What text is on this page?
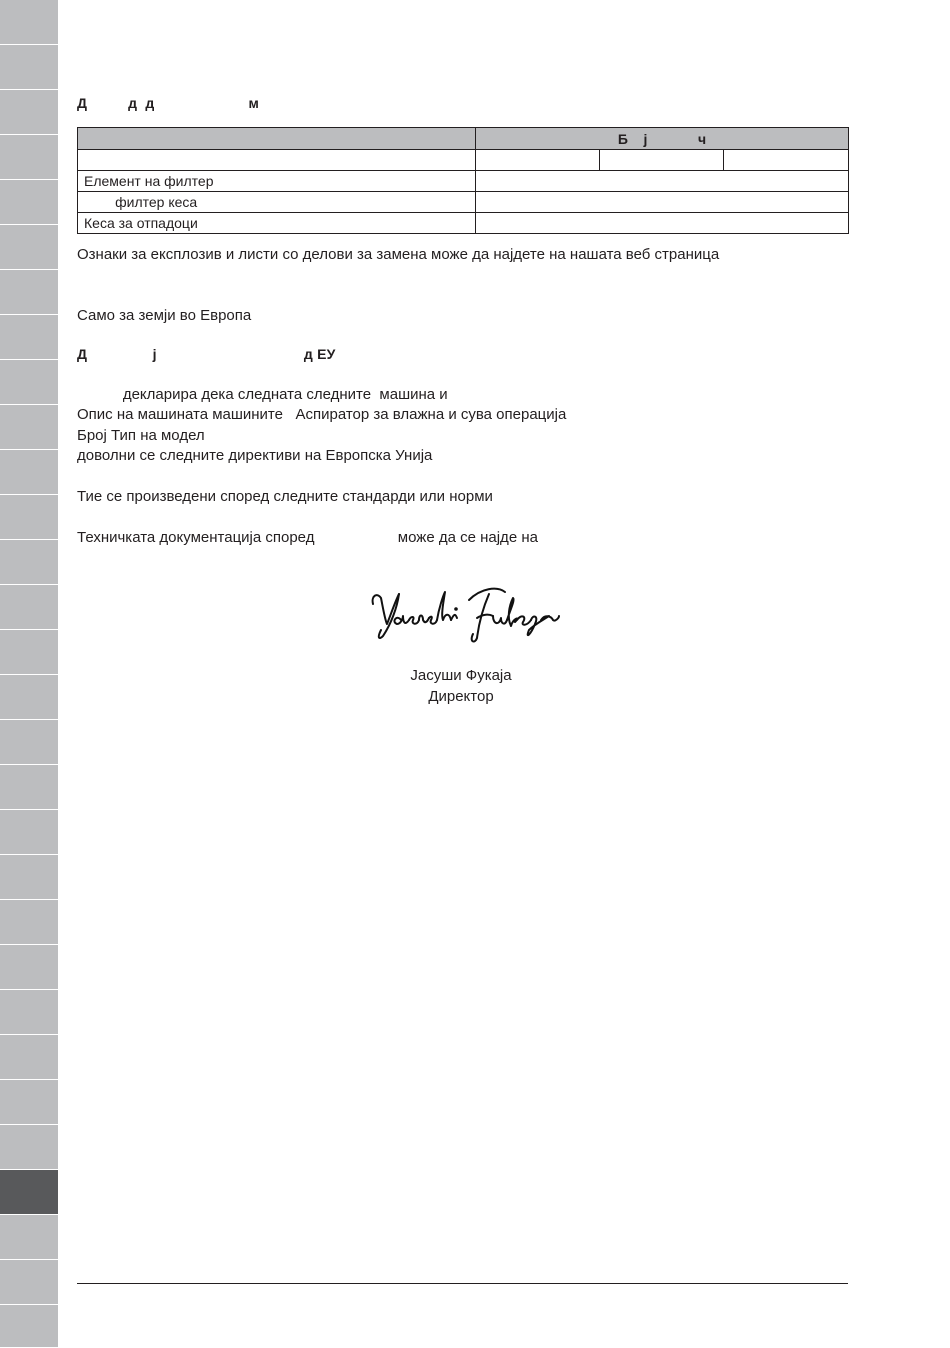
Д          д  д                       м
	Б    ј             ч		

Елемент на филтер			
филтер кеса			
Кеса за отпадоци			
Ознаки за експлозив и листи со делови за замена може да најдете на нашата веб страница
Само за земји во Европа
Д                ј                                    д ЕУ
декларира дека следната следните  машина и
Опис на машината машините   Аспиратор за влажна и сува операција
Број Тип на модел
доволни се следните директиви на Европска Унија
Тие се произведени според следните стандарди или норми
Техничката документација според                    може да се најде на
Јасуши Фукаја
Директор
